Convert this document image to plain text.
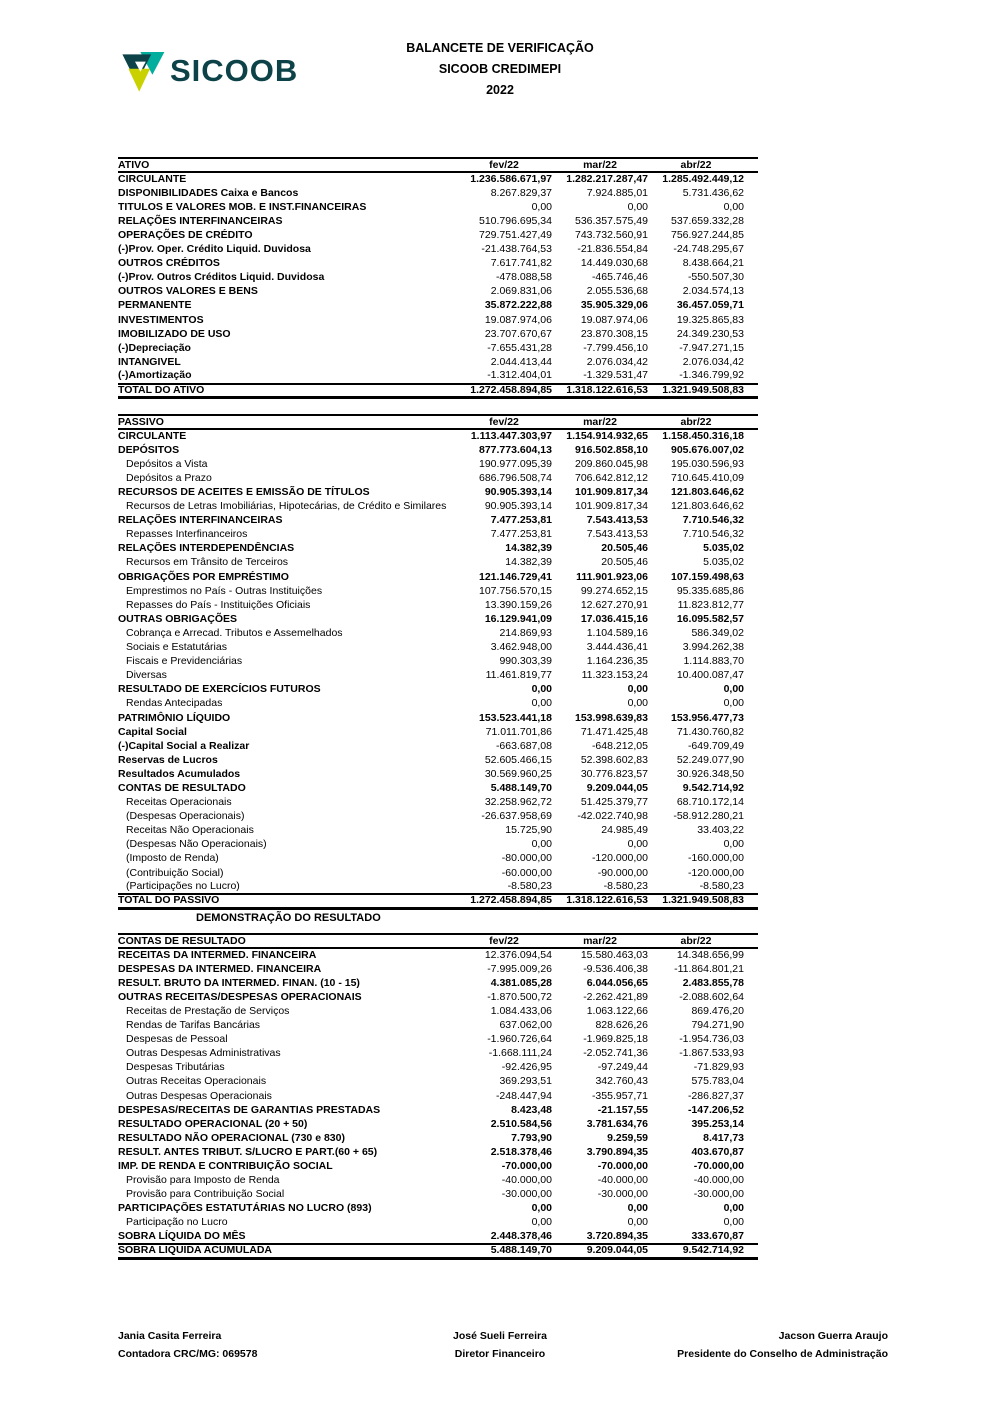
SICOOB
BALANCETE DE VERIFICAÇÃO
SICOOB CREDIMEPI
2022
ATIVO	fev/22	mar/22	abr/22	
CIRCULANTE	1.236.586.671,97	1.282.217.287,47	1.285.492.449,12	
DISPONIBILIDADES Caixa e Bancos	8.267.829,37	7.924.885,01	5.731.436,62	
TITULOS E VALORES MOB. E INST.FINANCEIRAS	0,00	0,00	0,00	
RELAÇÕES INTERFINANCEIRAS	510.796.695,34	536.357.575,49	537.659.332,28	
OPERAÇÕES DE CRÉDITO	729.751.427,49	743.732.560,91	756.927.244,85	
(-)Prov. Oper. Crédito Liquid. Duvidosa	-21.438.764,53	-21.836.554,84	-24.748.295,67	
OUTROS CRÉDITOS	7.617.741,82	14.449.030,68	8.438.664,21	
(-)Prov. Outros Créditos Liquid. Duvidosa	-478.088,58	-465.746,46	-550.507,30	
OUTROS VALORES E BENS	2.069.831,06	2.055.536,68	2.034.574,13	
PERMANENTE	35.872.222,88	35.905.329,06	36.457.059,71	
INVESTIMENTOS	19.087.974,06	19.087.974,06	19.325.865,83	
IMOBILIZADO DE USO	23.707.670,67	23.870.308,15	24.349.230,53	
(-)Depreciação	-7.655.431,28	-7.799.456,10	-7.947.271,15	
INTANGIVEL	2.044.413,44	2.076.034,42	2.076.034,42	
(-)Amortização	-1.312.404,01	-1.329.531,47	-1.346.799,92	
TOTAL DO ATIVO	1.272.458.894,85	1.318.122.616,53	1.321.949.508,83	
PASSIVO	fev/22	mar/22	abr/22	
CIRCULANTE	1.113.447.303,97	1.154.914.932,65	1.158.450.316,18	
DEPÓSITOS	877.773.604,13	916.502.858,10	905.676.007,02	
Depósitos a Vista	190.977.095,39	209.860.045,98	195.030.596,93	
Depósitos a Prazo	686.796.508,74	706.642.812,12	710.645.410,09	
RECURSOS DE ACEITES E EMISSÃO DE TÍTULOS	90.905.393,14	101.909.817,34	121.803.646,62	
Recursos de Letras Imobiliárias, Hipotecárias, de Crédito e Similares	90.905.393,14	101.909.817,34	121.803.646,62	
RELAÇÕES INTERFINANCEIRAS	7.477.253,81	7.543.413,53	7.710.546,32	
Repasses Interfinanceiros	7.477.253,81	7.543.413,53	7.710.546,32	
RELAÇÕES INTERDEPENDÊNCIAS	14.382,39	20.505,46	5.035,02	
Recursos em Trânsito de Terceiros	14.382,39	20.505,46	5.035,02	
OBRIGAÇÕES POR EMPRÉSTIMO	121.146.729,41	111.901.923,06	107.159.498,63	
Emprestimos no País - Outras Instituições	107.756.570,15	99.274.652,15	95.335.685,86	
Repasses do País - Instituições Oficiais	13.390.159,26	12.627.270,91	11.823.812,77	
OUTRAS OBRIGAÇÕES	16.129.941,09	17.036.415,16	16.095.582,57	
Cobrança e Arrecad. Tributos e Assemelhados	214.869,93	1.104.589,16	586.349,02	
Sociais e Estatutárias	3.462.948,00	3.444.436,41	3.994.262,38	
Fiscais e Previdenciárias	990.303,39	1.164.236,35	1.114.883,70	
Diversas	11.461.819,77	11.323.153,24	10.400.087,47	
RESULTADO DE EXERCÍCIOS FUTUROS	0,00	0,00	0,00	
Rendas Antecipadas	0,00	0,00	0,00	
PATRIMÔNIO LÍQUIDO	153.523.441,18	153.998.639,83	153.956.477,73	
Capital Social	71.011.701,86	71.471.425,48	71.430.760,82	
(-)Capital Social a Realizar	-663.687,08	-648.212,05	-649.709,49	
Reservas de Lucros	52.605.466,15	52.398.602,83	52.249.077,90	
Resultados Acumulados	30.569.960,25	30.776.823,57	30.926.348,50	
CONTAS DE RESULTADO	5.488.149,70	9.209.044,05	9.542.714,92	
Receitas Operacionais	32.258.962,72	51.425.379,77	68.710.172,14	
(Despesas Operacionais)	-26.637.958,69	-42.022.740,98	-58.912.280,21	
Receitas Não Operacionais	15.725,90	24.985,49	33.403,22	
(Despesas Não Operacionais)	0,00	0,00	0,00	
(Imposto de Renda)	-80.000,00	-120.000,00	-160.000,00	
(Contribuição Social)	-60.000,00	-90.000,00	-120.000,00	
(Participações no Lucro)	-8.580,23	-8.580,23	-8.580,23	
TOTAL DO PASSIVO	1.272.458.894,85	1.318.122.616,53	1.321.949.508,83	
DEMONSTRAÇÃO DO RESULTADO
CONTAS DE RESULTADO	fev/22	mar/22	abr/22	
RECEITAS DA INTERMED. FINANCEIRA	12.376.094,54	15.580.463,03	14.348.656,99	
DESPESAS DA INTERMED. FINANCEIRA	-7.995.009,26	-9.536.406,38	-11.864.801,21	
RESULT. BRUTO DA INTERMED. FINAN. (10 - 15)	4.381.085,28	6.044.056,65	2.483.855,78	
OUTRAS RECEITAS/DESPESAS OPERACIONAIS	-1.870.500,72	-2.262.421,89	-2.088.602,64	
Receitas de Prestação de Serviços	1.084.433,06	1.063.122,66	869.476,20	
Rendas de Tarifas Bancárias	637.062,00	828.626,26	794.271,90	
Despesas de Pessoal	-1.960.726,64	-1.969.825,18	-1.954.736,03	
Outras Despesas Administrativas	-1.668.111,24	-2.052.741,36	-1.867.533,93	
Despesas Tributárias	-92.426,95	-97.249,44	-71.829,93	
Outras Receitas Operacionais	369.293,51	342.760,43	575.783,04	
Outras Despesas Operacionais	-248.447,94	-355.957,71	-286.827,37	
DESPESAS/RECEITAS DE GARANTIAS PRESTADAS	8.423,48	-21.157,55	-147.206,52	
RESULTADO OPERACIONAL (20 + 50)	2.510.584,56	3.781.634,76	395.253,14	
RESULTADO NÃO OPERACIONAL (730 e 830)	7.793,90	9.259,59	8.417,73	
RESULT. ANTES TRIBUT. S/LUCRO E PART.(60 + 65)	2.518.378,46	3.790.894,35	403.670,87	
IMP. DE RENDA E CONTRIBUIÇÃO SOCIAL	-70.000,00	-70.000,00	-70.000,00	
Provisão para Imposto de Renda	-40.000,00	-40.000,00	-40.000,00	
Provisão para Contribuição Social	-30.000,00	-30.000,00	-30.000,00	
PARTICIPAÇÕES ESTATUTÁRIAS NO LUCRO (893)	0,00	0,00	0,00	
Participação no Lucro	0,00	0,00	0,00	
SOBRA LÍQUIDA DO MÊS	2.448.378,46	3.720.894,35	333.670,87	
SOBRA LIQUIDA ACUMULADA	5.488.149,70	9.209.044,05	9.542.714,92	
Jania Casita Ferreira
Contadora CRC/MG: 069578
José Sueli Ferreira
Diretor Financeiro
Jacson Guerra Araujo
Presidente do Conselho de Administração
